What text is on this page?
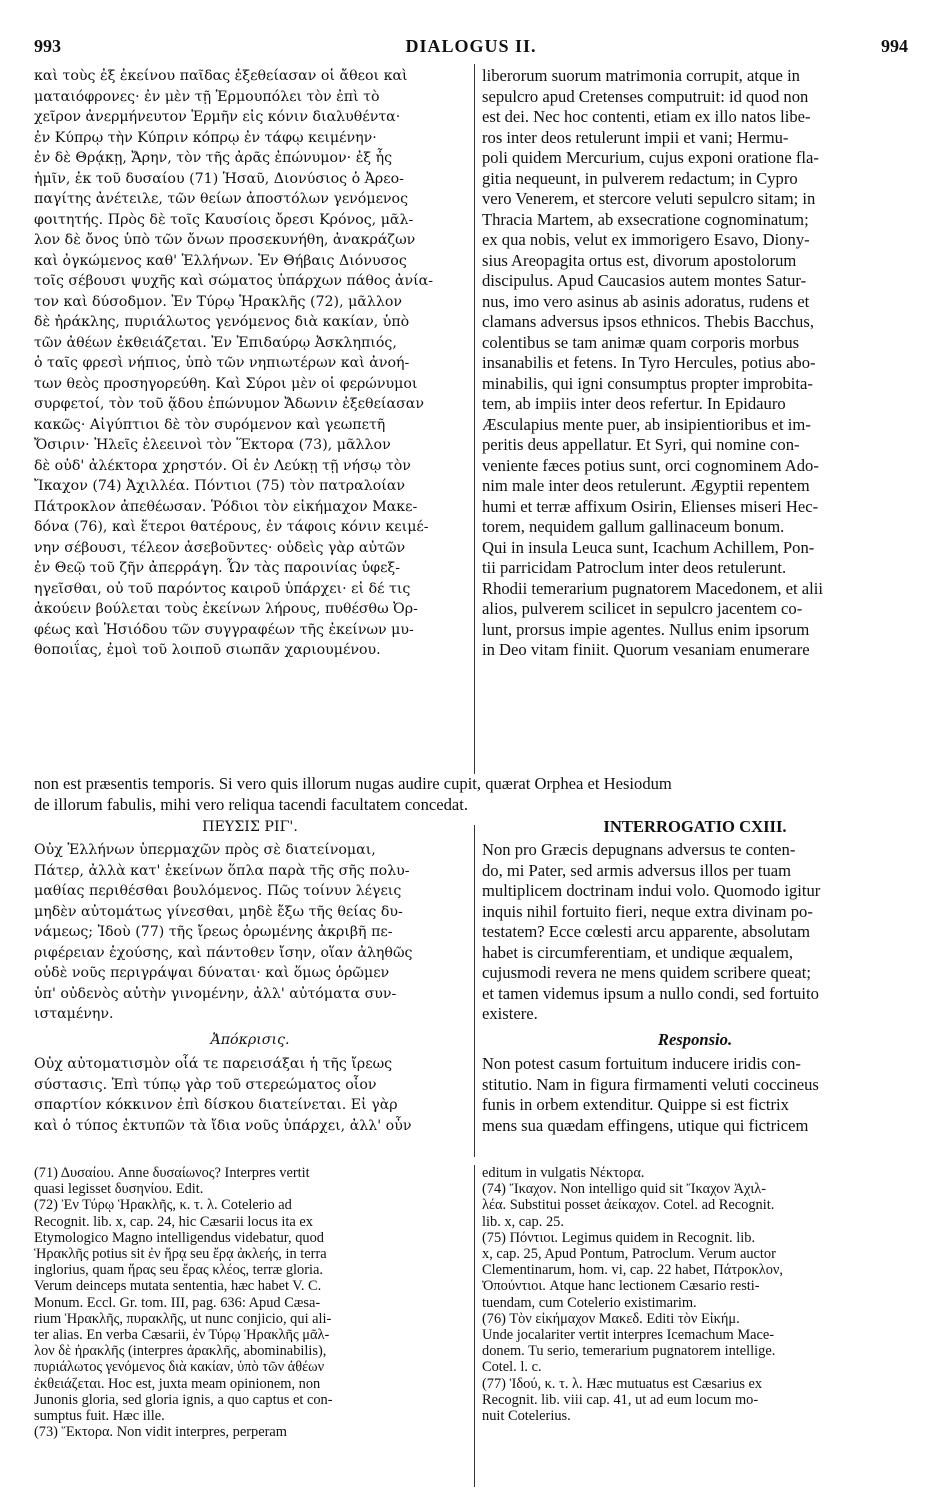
993	DIALOGUS II.	994
καὶ τοὺς ἐξ ἐκείνου παῖδας ἐξεθείασαν οἱ ἄθεοι καὶ
ματαιόφρονες· ἐν μὲν τῇ Ἑρμουπόλει τὸν ἐπὶ τὸ
χεῖρον ἀνερμήνευτον Ἑρμῆν εἰς κόνιν διαλυθέντα·
ἐν Κύπρῳ τὴν Κύπριν κόπρῳ ἐν τάφῳ κειμένην·
ἐν δὲ Θρᾴκῃ, Ἄρην, τὸν τῆς ἀρᾶς ἐπώνυμον· ἐξ ἧς
ἡμῖν, ἐκ τοῦ δυσαίου (71) Ἡσαῦ, Διονύσιος ὁ Ἀρεο-
παγίτης ἀνέτειλε, τῶν θείων ἀποστόλων γενόμενος
φοιτητής. Πρὸς δὲ τοῖς Καυσίοις ὄρεσι Κρόνος, μᾶλ-
λον δὲ ὄνος ὑπὸ τῶν ὄνων προσεκυνήθη, ἀνακράζων
καὶ ὀγκώμενος καθ' Ἑλλήνων. Ἐν Θήβαις Διόνυσος
τοῖς σέβουσι ψυχῆς καὶ σώματος ὑπάρχων πάθος ἀνία-
τον καὶ δύσοδμον. Ἐν Τύρῳ Ἡρακλῆς (72), μᾶλλον
δὲ ἠράκλης, πυριάλωτος γενόμενος διὰ κακίαν, ὑπὸ
τῶν ἀθέων ἐκθειάζεται. Ἐν Ἐπιδαύρῳ Ἀσκληπιός,
ὁ ταῖς φρεσὶ νήπιος, ὑπὸ τῶν νηπιωτέρων καὶ ἀνοή-
των θεὸς προσηγορεύθη. Καὶ Σύροι μὲν οἱ φερώνυμοι
συρφετοί, τὸν τοῦ ᾅδου ἐπώνυμον Ἄδωνιν ἐξεθείασαν
κακῶς· Αἰγύπτιοι δὲ τὸν συρόμενον καὶ γεωπετῆ
Ὄσιριν· Ἠλεῖς ἐλεεινοὶ τὸν Ἕκτορα (73), μᾶλλον
δὲ οὐδ' ἀλέκτορα χρηστόν. Οἱ ἐν Λεύκῃ τῇ νήσῳ τὸν
Ἴκαχον (74) Ἀχιλλέα. Πόντιοι (75) τὸν πατραλοίαν
Πάτροκλον ἀπεθέωσαν. Ῥόδιοι τὸν εἰκήμαχον Μακε-
δόνα (76), καὶ ἕτεροι θατέρους, ἐν τάφοις κόνιν κειμέ-
νην σέβουσι, τέλεον ἀσεβοῦντες· οὐδεὶς γὰρ αὐτῶν
ἐν Θεῷ τοῦ ζῆν ἀπερράγη. Ὧν τὰς παροινίας ὑφεξ-
ηγεῖσθαι, οὐ τοῦ παρόντος καιροῦ ὑπάρχει· εἰ δέ τις
ἀκούειν βούλεται τοὺς ἐκείνων λήρους, πυθέσθω Ὀρ-
φέως καὶ Ἡσιόδου τῶν συγγραφέων τῆς ἐκείνων μυ-
θοποιΐας, ἐμοὶ τοῦ λοιποῦ σιωπᾶν χαριουμένου.
liberorum suorum matrimonia corrupit, atque in
sepulcro apud Cretenses computruit: id quod non
est dei. Nec hoc contenti, etiam ex illo natos libe-
ros inter deos retulerunt impii et vani; Hermu-
poli quidem Mercurium, cujus exponi oratione fla-
gitia nequeunt, in pulverem redactum; in Cypro
vero Venerem, et stercore veluti sepulcro sitam; in
Thracia Martem, ab exsecratione cognominatum;
ex qua nobis, velut ex immorigero Esavo, Diony-
sius Areopagita ortus est, divorum apostolorum
discipulus. Apud Caucasios autem montes Satur-
nus, imo vero asinus ab asinis adoratus, rudens et
clamans adversus ipsos ethnicos. Thebis Bacchus,
colentibus se tam animæ quam corporis morbus
insanabilis et fetens. In Tyro Hercules, potius abo-
minabilis, qui igni consumptus propter improbita-
tem, ab impiis inter deos refertur. In Epidauro
Æsculapius mente puer, ab insipientioribus et im-
peritis deus appellatur. Et Syri, qui nomine con-
veniente fæces potius sunt, orci cognominem Ado-
nim male inter deos retulerunt. Ægyptii repentem
humi et terræ affixum Osirin, Elienses miseri Hec-
torem, nequidem gallum gallinaceum bonum.
Qui in insula Leuca sunt, Icachum Achillem, Pon-
tii parricidam Patroclum inter deos retulerunt.
Rhodii temerarium pugnatorem Macedonem, et alii
alios, pulverem scilicet in sepulcro jacentem co-
lunt, prorsus impie agentes. Nullus enim ipsorum
in Deo vitam finiit. Quorum vesaniam enumerare
non est præsentis temporis. Si vero quis illorum nugas audire cupit, quærat Orphea et Hesiodum
de illorum fabulis, mihi vero reliqua tacendi facultatem concedat.
ΠΕΥΣΙΣ ΡΙΓ'.
Οὐχ Ἑλλήνων ὑπερμαχῶν πρὸς σὲ διατείνομαι,
Πάτερ, ἀλλὰ κατ' ἐκείνων ὅπλα παρὰ τῆς σῆς πολυ-
μαθίας περιθέσθαι βουλόμενος. Πῶς τοίνυν λέγεις
μηδὲν αὐτομάτως γίνεσθαι, μηδὲ ἔξω τῆς θείας δυ-
νάμεως; Ἰδοὺ (77) τῆς ἴρεως ὁρωμένης ἀκριβῆ πε-
ριφέρειαν ἐχούσης, καὶ πάντοθεν ἴσην, οἵαν ἀληθῶς
οὐδὲ νοῦς περιγράψαι δύναται· καὶ ὅμως ὁρῶμεν
ὑπ' οὐδενὸς αὐτὴν γινομένην, ἀλλ' αὐτόματα συν-
ισταμένην.
Ἀπόκρισις.
Οὐχ αὐτοματισμὸν οἷά τε παρεισάξαι ἡ τῆς ἴρεως
σύστασις. Ἐπὶ τύπῳ γὰρ τοῦ στερεώματος οἷον
σπαρτίον κόκκινον ἐπὶ δίσκου διατείνεται. Εἰ γὰρ
καὶ ὁ τύπος ἐκτυπῶν τὰ ἴδια νοῦς ὑπάρχει, ἀλλ' οὖν
INTERROGATIO CXIII.
Non pro Græcis depugnans adversus te conten-
do, mi Pater, sed armis adversus illos per tuam
multiplicem doctrinam indui volo. Quomodo igitur
inquis nihil fortuito fieri, neque extra divinam po-
testatem? Ecce cœlesti arcu apparente, absolutam
habet is circumferentiam, et undique æqualem,
cujusmodi revera ne mens quidem scribere queat;
et tamen videmus ipsum a nullo condi, sed fortuito
existere.
Responsio.
Non potest casum fortuitum inducere iridis con-
stitutio. Nam in figura firmamenti veluti coccineus
funis in orbem extenditur. Quippe si est fictrix
mens sua quædam effingens, utique qui fictricem
(71) Δυσαίου. Anne δυσαίωνος? Interpres vertit
quasi legisset δυσηνίου. Edit.
(72) Ἐν Τύρῳ Ἡρακλῆς, κ. τ. λ. Cotelerio ad
Recognit. lib. x, cap. 24, hic Cæsarii locus ita ex
Etymologico Magno intelligendus videbatur, quod
Ἡρακλῆς potius sit ἐν ἥρᾳ seu ἔρᾳ ἀκλεής, in terra
inglorius, quam ἥρας seu ἔρας κλέος, terræ gloria.
Verum deinceps mutata sententia, hæc habet V. C.
Monum. Eccl. Gr. tom. III, pag. 636: Apud Cæsa-
rium Ἡρακλῆς, πυρακλῆς, ut nunc conjicio, qui ali-
ter alias. En verba Cæsarii, ἐν Τύρῳ Ἡρακλῆς μᾶλ-
λον δὲ ἠρακλῆς (interpres ἀρακλῆς, abominabilis),
πυριάλωτος γενόμενος διὰ κακίαν, ὑπὸ τῶν ἀθέων
ἐκθειάζεται. Hoc est, juxta meam opinionem, non
Junonis gloria, sed gloria ignis, a quo captus et con-
sumptus fuit. Hæc ille.
(73) Ἕκτορα. Non vidit interpres, perperam
editum in vulgatis Νέκτορα.
(74) Ἴκαχον. Non intelligo quid sit Ἴκαχον Ἀχιλ-
λέα. Substitui posset ἀείκαχον. Cotel. ad Recognit.
lib. x, cap. 25.
(75) Πόντιοι. Legimus quidem in Recognit. lib.
x, cap. 25, Apud Pontum, Patroclum. Verum auctor
Clementinarum, hom. vi, cap. 22 habet, Πάτροκλον,
Ὀπούντιοι. Atque hanc lectionem Cæsario resti-
tuendam, cum Cotelerio existimarim.
(76) Τὸν εἰκήμαχον Μακεδ. Editi τὸν Εἰκήμ.
Unde jocalariter vertit interpres Icemachum Mace-
donem. Tu serio, temerarium pugnatorem intellige.
Cotel. l. c.
(77) Ἰδού, κ. τ. λ. Hæc mutuatus est Cæsarius ex
Recognit. lib. viii cap. 41, ut ad eum locum mo-
nuit Cotelerius.
